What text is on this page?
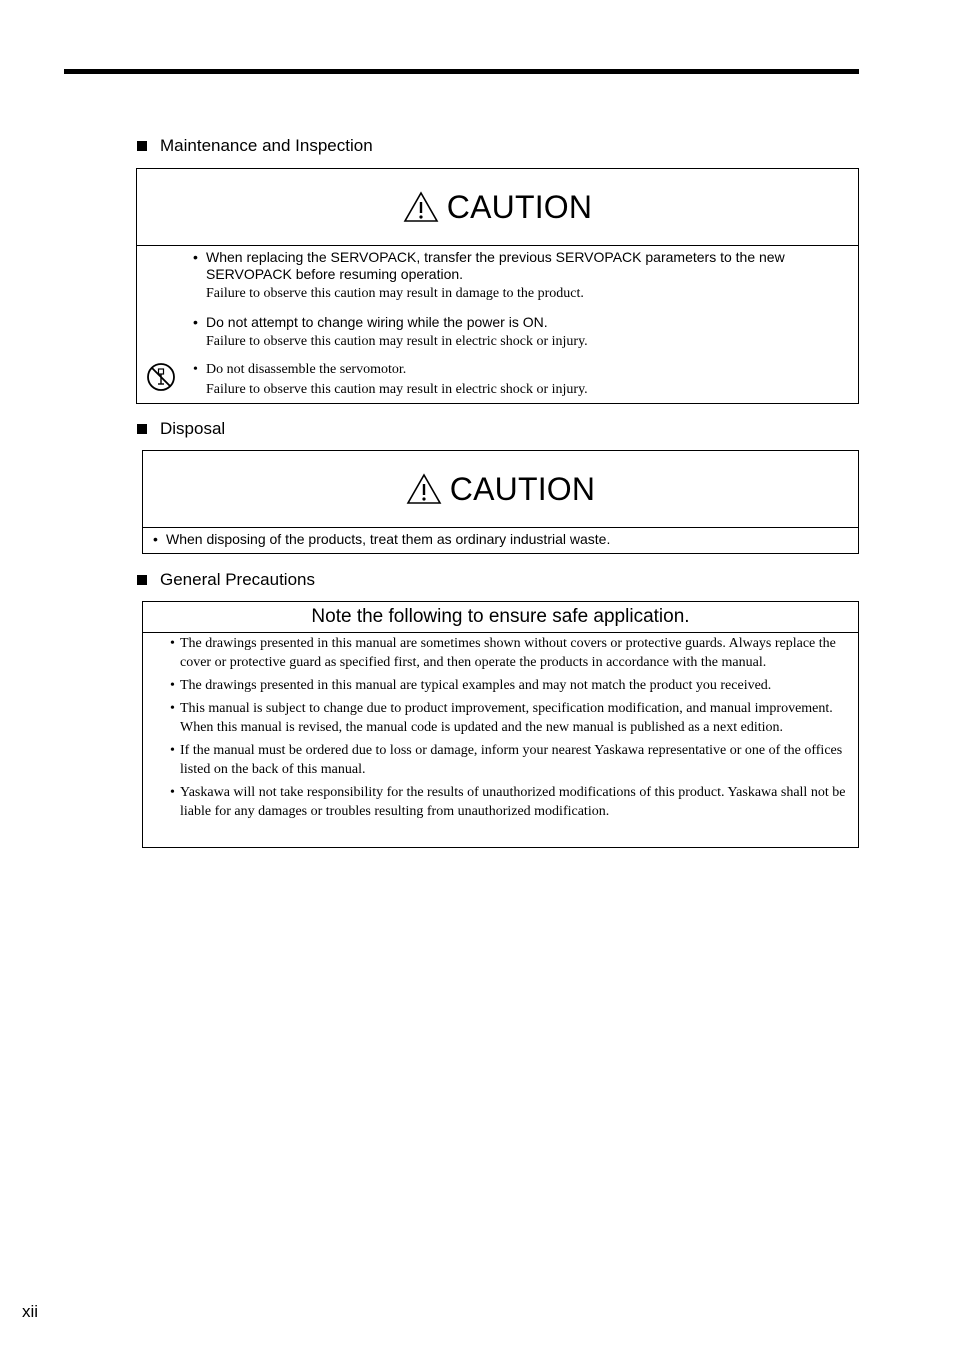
Maintenance and Inspection
CAUTION
• When replacing the SERVOPACK, transfer the previous SERVOPACK parameters to the new SERVOPACK before resuming operation.
Failure to observe this caution may result in damage to the product.
• Do not attempt to change wiring while the power is ON.
Failure to observe this caution may result in electric shock or injury.
• Do not disassemble the servomotor.
Failure to observe this caution may result in electric shock or injury.
Disposal
CAUTION
• When disposing of the products, treat them as ordinary industrial waste.
General Precautions
Note the following to ensure safe application.
• The drawings presented in this manual are sometimes shown without covers or protective guards. Always replace the cover or protective guard as specified first, and then operate the products in accordance with the manual.
• The drawings presented in this manual are typical examples and may not match the product you received.
• This manual is subject to change due to product improvement, specification modification, and manual improvement. When this manual is revised, the manual code is updated and the new manual is published as a next edition.
• If the manual must be ordered due to loss or damage, inform your nearest Yaskawa representative or one of the offices listed on the back of this manual.
• Yaskawa will not take responsibility for the results of unauthorized modifications of this product. Yaskawa shall not be liable for any damages or troubles resulting from unauthorized modification.
xii
